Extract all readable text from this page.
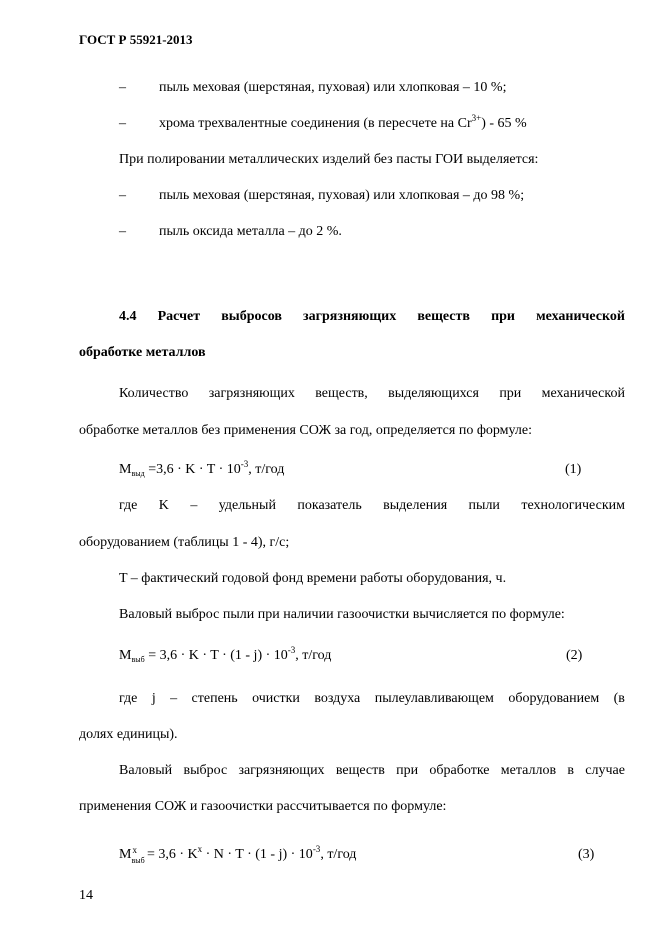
ГОСТ Р 55921-2013
– пыль меховая (шерстяная, пуховая) или хлопковая – 10 %;
– хрома трехвалентные соединения (в пересчете на $Cr^{3+}) - 65$ %
При полировании металлических изделий без пасты ГОИ выделяется:
– пыль меховая (шерстяная, пуховая) или хлопковая – до 98 %;
– пыль оксида металла – до 2 %.
4.4 Расчет выбросов загрязняющих веществ при механической
обработке металлов
Количество загрязняющих веществ, выделяющихся при механической
обработке металлов без применения СОЖ за год, определяется по формуле:
$M_{выд} =3,6 \cdot K \cdot T \cdot 10^{-3}$, т/год	(1)
где K – удельный показатель выделения пыли технологическим
оборудованием (таблицы 1 - 4), г/с;
T – фактический годовой фонд времени работы оборудования, ч.
Валовый выброс пыли при наличии газоочистки вычисляется по формуле:
$M_{выб} = 3,6 \cdot K \cdot T \cdot (1 - j) \cdot 10^{-3}$, т/год	(2)
где j – степень очистки воздуха пылеулавливающем оборудованием (в
долях единицы).
Валовый выброс загрязняющих веществ при обработке металлов в случае
применения СОЖ и газоочистки рассчитывается по формуле:
M х
выб
= $3,6 \cdot K^х \cdot N \cdot T \cdot (1 - j) \cdot 10^{-3}$, т/год	(3)
14
